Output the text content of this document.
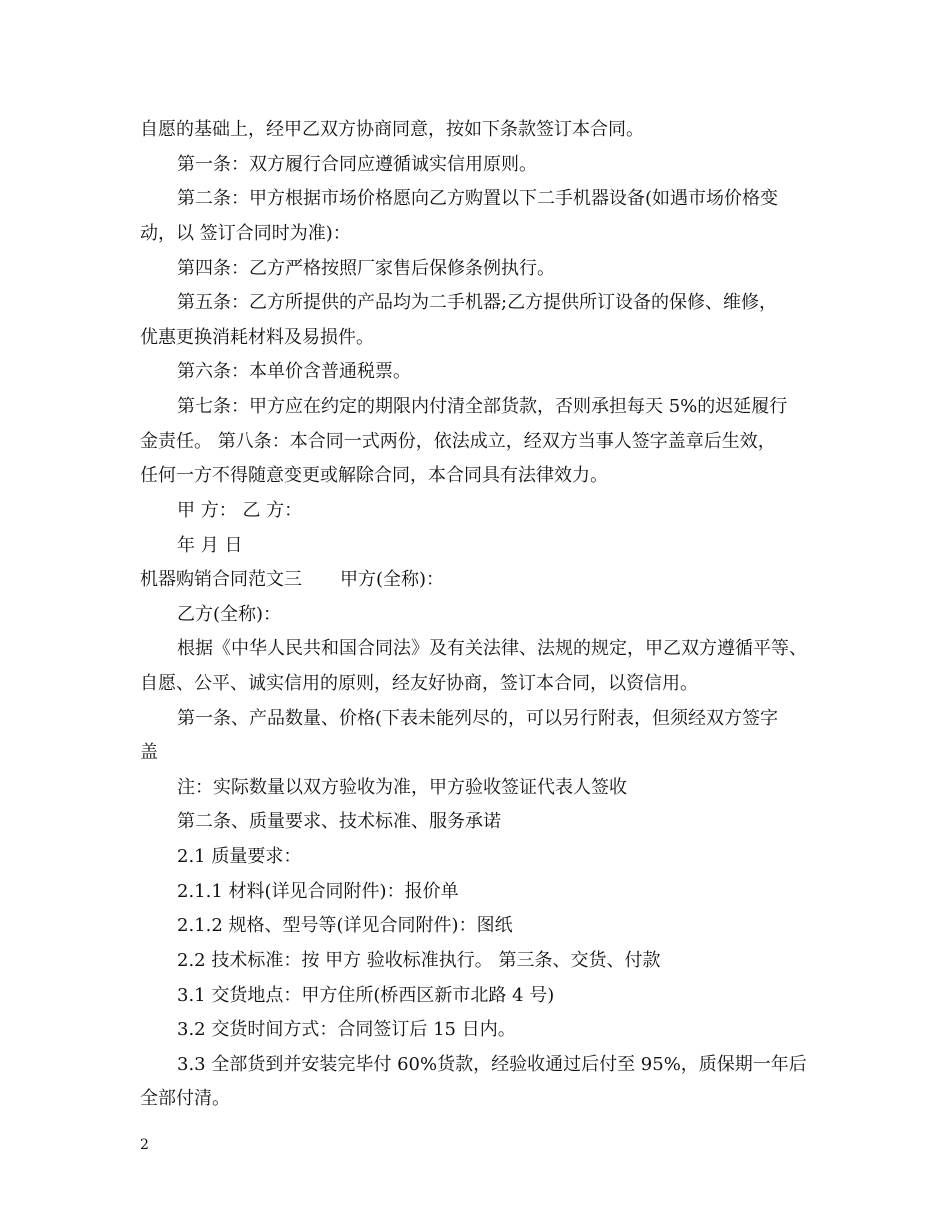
自愿的基础上，经甲乙双方协商同意，按如下条款签订本合同。
第一条：双方履行合同应遵循诚实信用原则。
第二条：甲方根据市场价格愿向乙方购置以下二手机器设备(如遇市场价格变
动，以 签订合同时为准)：
第四条：乙方严格按照厂家售后保修条例执行。
第五条：乙方所提供的产品均为二手机器;乙方提供所订设备的保修、维修，
优惠更换消耗材料及易损件。
第六条：本单价含普通税票。
第七条：甲方应在约定的期限内付清全部货款，否则承担每天 5%的迟延履行
金责任。 第八条：本合同一式两份，依法成立，经双方当事人签字盖章后生效，
任何一方不得随意变更或解除合同，本合同具有法律效力。
甲 方： 乙 方：
年 月 日
机器购销合同范文三 甲方(全称)：
乙方(全称)：
根据《中华人民共和国合同法》及有关法律、法规的规定，甲乙双方遵循平等、
自愿、公平、诚实信用的原则，经友好协商，签订本合同，以资信用。
第一条、产品数量、价格(下表未能列尽的，可以另行附表，但须经双方签字
盖
注：实际数量以双方验收为准，甲方验收签证代表人签收
第二条、质量要求、技术标准、服务承诺
2.1 质量要求：
2.1.1 材料(详见合同附件)：报价单
2.1.2 规格、型号等(详见合同附件)：图纸
2.2 技术标准：按 甲方 验收标准执行。 第三条、交货、付款
3.1 交货地点：甲方住所(桥西区新市北路 4 号)
3.2 交货时间方式：合同签订后 15 日内。
3.3 全部货到并安装完毕付 60%货款，经验收通过后付至 95%，质保期一年后
全部付清。
2
